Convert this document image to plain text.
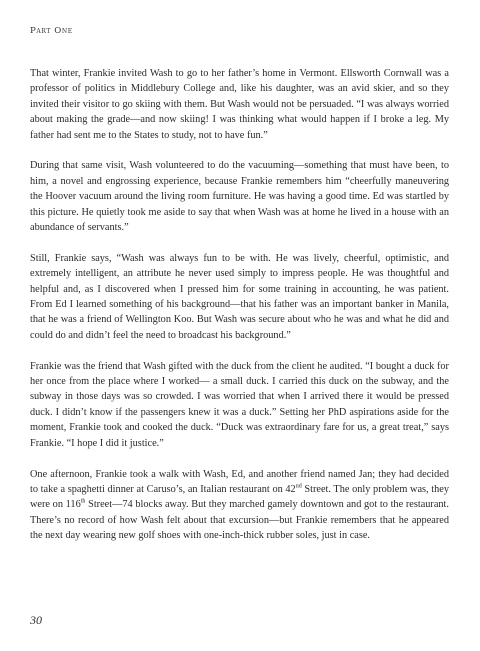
Part One

That winter, Frankie invited Wash to go to her father’s home in Vermont. Ellsworth Cornwall was a professor of politics in Middlebury College and, like his daughter, was an avid skier, and so they invited their visitor to go skiing with them. But Wash would not be persuaded. “I was always worried about making the grade—and now skiing! I was thinking what would happen if I broke a leg. My father had sent me to the States to study, not to have fun.”

During that same visit, Wash volunteered to do the vacuuming—something that must have been, to him, a novel and engrossing experience, because Frankie remembers him “cheerfully maneuvering the Hoover vacuum around the living room furniture. He was having a good time. Ed was startled by this picture. He quietly took me aside to say that when Wash was at home he lived in a house with an abundance of servants.”

Still, Frankie says, “Wash was always fun to be with. He was lively, cheerful, optimistic, and extremely intelligent, an attribute he never used simply to impress people. He was thoughtful and helpful and, as I discovered when I pressed him for some training in accounting, he was patient. From Ed I learned something of his background—that his father was an important banker in Manila, that he was a friend of Wellington Koo. But Wash was secure about who he was and what he did and could do and didn’t feel the need to broadcast his background.”

Frankie was the friend that Wash gifted with the duck from the client he audited. “I bought a duck for her once from the place where I worked— a small duck. I carried this duck on the subway, and the subway in those days was so crowded. I was worried that when I arrived there it would be pressed duck. I didn’t know if the passengers knew it was a duck.” Setting her PhD aspirations aside for the moment, Frankie took and cooked the duck. “Duck was extraordinary fare for us, a great treat,” says Frankie. “I hope I did it justice.”

One afternoon, Frankie took a walk with Wash, Ed, and another friend named Jan; they had decided to take a spaghetti dinner at Caruso’s, an Italian restaurant on 42nd Street. The only problem was, they were on 116th Street—74 blocks away. But they marched gamely downtown and got to the restaurant. There’s no record of how Wash felt about that excursion—but Frankie remembers that he appeared the next day wearing new golf shoes with one-inch-thick rubber soles, just in case.

30
